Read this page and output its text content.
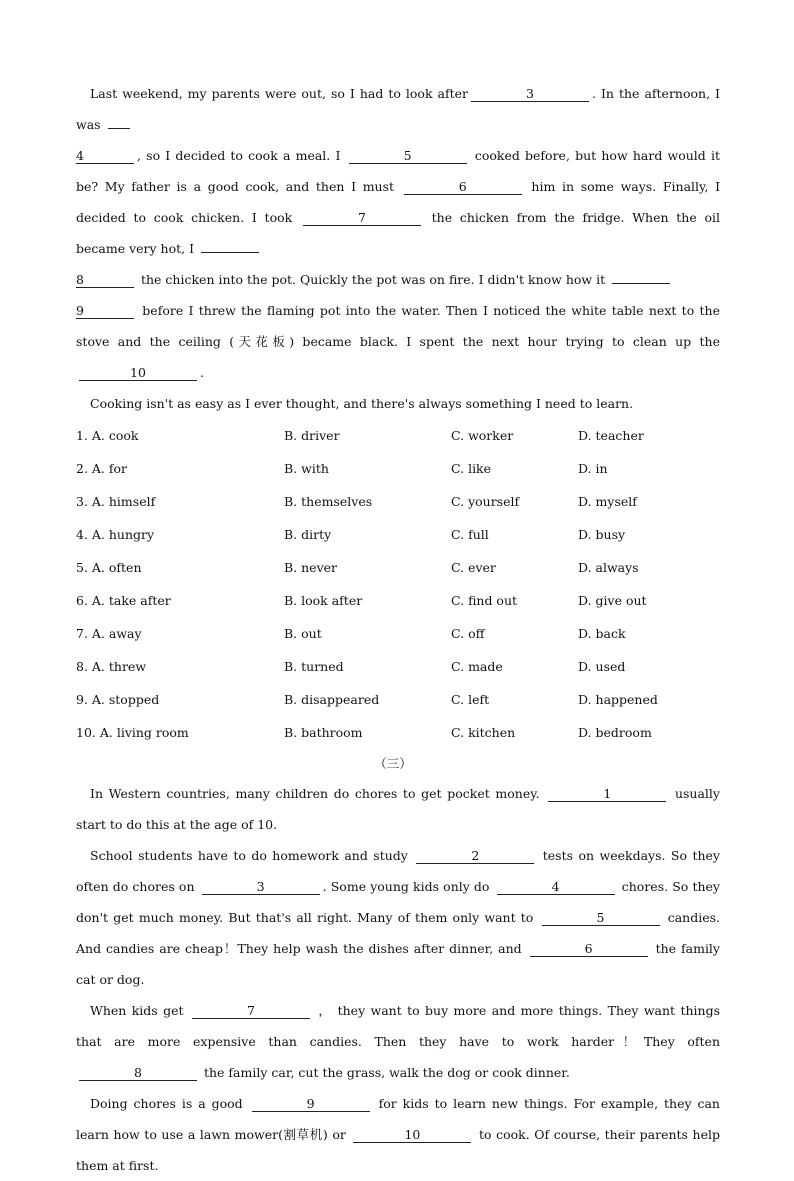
Last weekend, my parents were out, so I had to look after	3	. In the afternoon, I was
4	, so I decided to cook a meal. I	5	cooked before, but how hard would it be? My father is a good cook, and then I must	6	him in some ways. Finally, I decided to cook chicken. I took	7	the chicken from the fridge. When the oil became very hot, I
8	the chicken into the pot. Quickly the pot was on fire. I didn't know how it
9	before I threw the flaming pot into the water. Then I noticed the white table next to the stove and the ceiling (天花板) became black. I spent the next hour trying to clean up the 10	.

Cooking isn't as easy as I ever thought, and there's always something I need to learn.

1. A. cook	B. driver	C. worker	D. teacher
2. A. for	B. with	C. like	D. in
3. A. himself	B. themselves	C. yourself	D. myself
4. A. hungry	B. dirty	C. full	D. busy
5. A. often	B. never	C. ever	D. always
6. A. take after	B. look after	C. find out	D. give out
7. A. away	B. out	C. off	D. back
8. A. threw	B. turned	C. made	D. used
9. A. stopped	B. disappeared	C. left	D. happened
10. A. living room	B. bathroom	C. kitchen	D. bedroom
（三）

In Western countries, many children do chores to get pocket money.	1	usually start to do this at the age of 10.

School students have to do homework and study	2	tests on weekdays. So they often do chores on	3	. Some young kids only do	4	chores. So they don't get much money. But that's all right. Many of them only want to	5	candies. And candies are cheap！They help wash the dishes after dinner, and	6	the family cat or dog.

When kids get	7	， they want to buy more and more things. They want things that are more expensive than candies. Then they have to work harder！They often 8	the family car, cut the grass, walk the dog or cook dinner.

Doing chores is a good	9	for kids to learn new things. For example, they can learn how to use a lawn mower(割草机) or	10	to cook. Of course, their parents help them at first.
